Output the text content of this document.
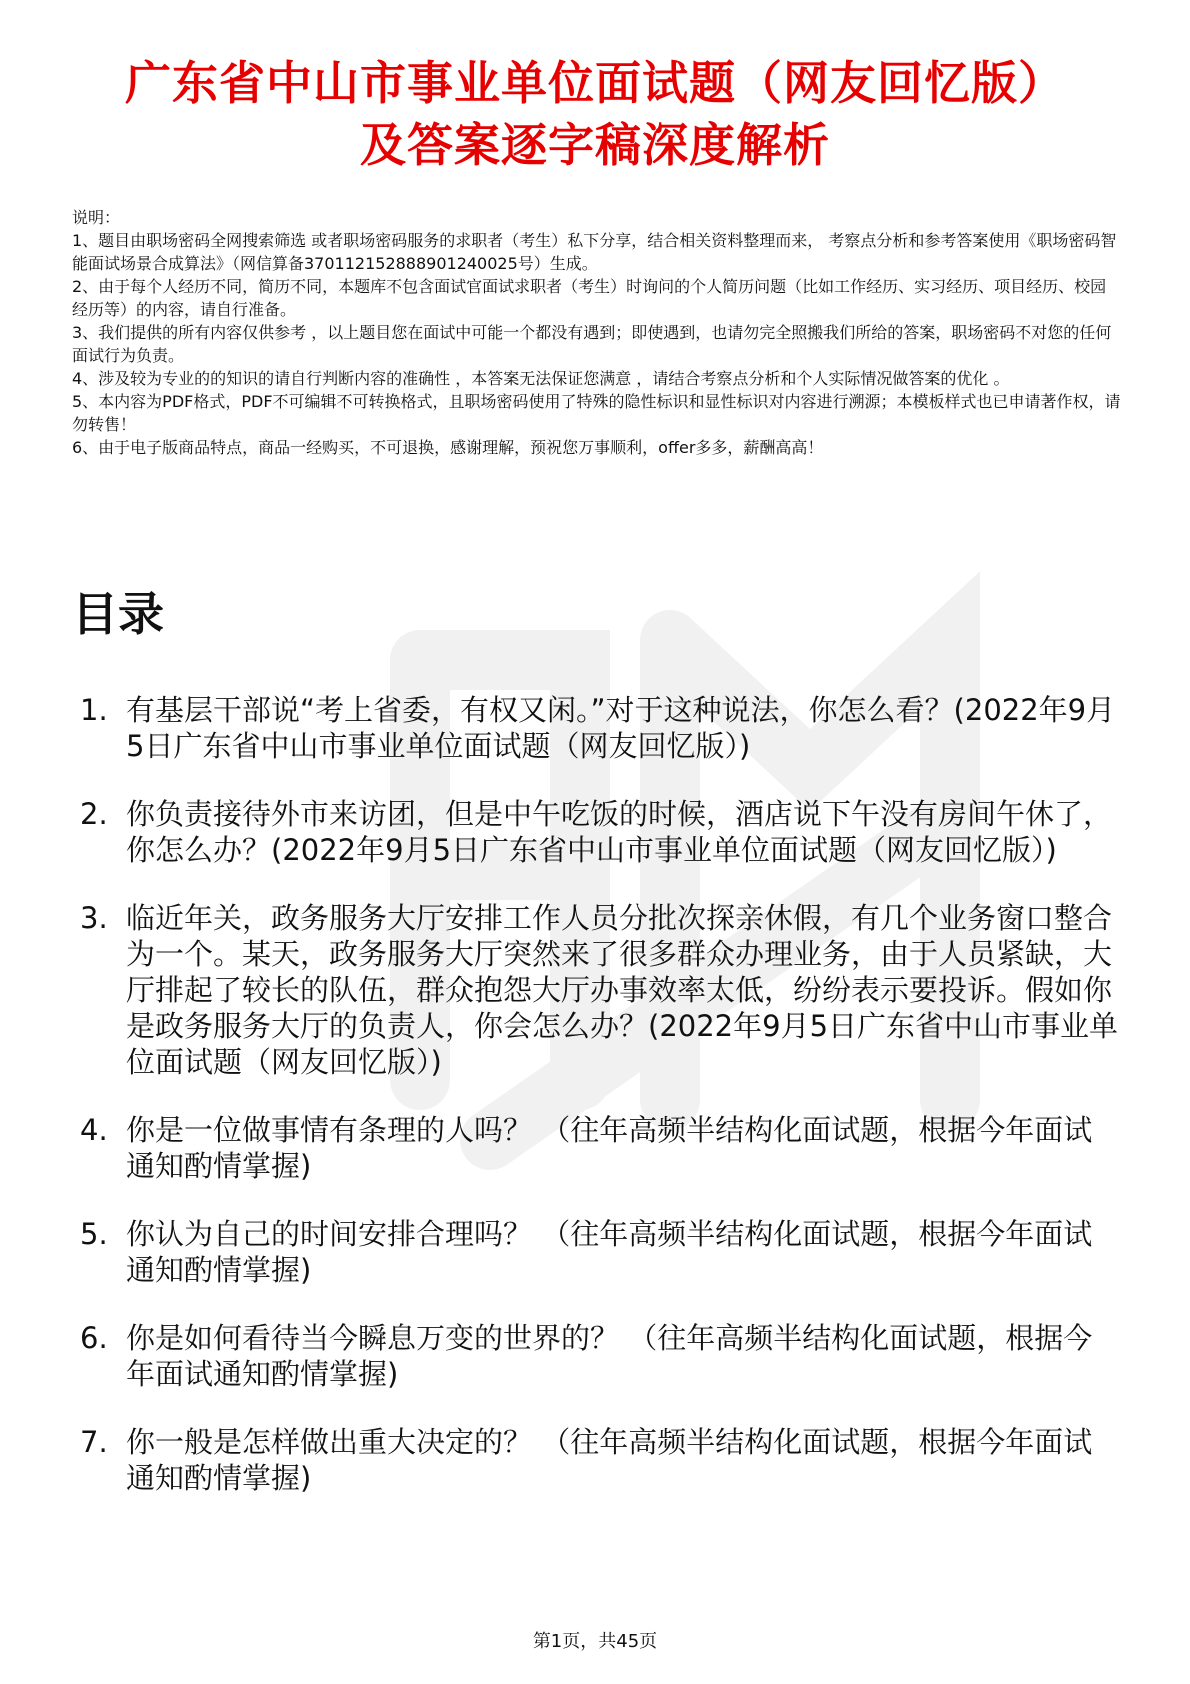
广东省中山市事业单位面试题（网友回忆版）
及答案逐字稿深度解析
说明：
1、题目由职场密码全网搜索筛选 或者职场密码服务的求职者（考生）私下分享，结合相关资料整理而来， 考察点分析和参考答案使用《职场密码智能面试场景合成算法》（网信算备370112152888901240025号）生成。
2、由于每个人经历不同，简历不同，本题库不包含面试官面试求职者（考生）时询问的个人简历问题（比如工作经历、实习经历、项目经历、校园经历等）的内容，请自行准备。
3、我们提供的所有内容仅供参考 ，以上题目您在面试中可能一个都没有遇到；即使遇到，也请勿完全照搬我们所给的答案，职场密码不对您的任何面试行为负责。
4、涉及较为专业的的知识的请自行判断内容的准确性 ，本答案无法保证您满意 ，请结合考察点分析和个人实际情况做答案的优化 。
5、本内容为PDF格式，PDF不可编辑不可转换格式，且职场密码使用了特殊的隐性标识和显性标识对内容进行溯源；本模板样式也已申请著作权，请勿转售！
6、由于电子版商品特点，商品一经购买，不可退换，感谢理解，预祝您万事顺利，offer多多，薪酬高高！
目录
1. 有基层干部说“考上省委，有权又闲。”对于这种说法，你怎么看？(2022年9月5日广东省中山市事业单位面试题（网友回忆版）)
2. 你负责接待外市来访团，但是中午吃饭的时候，酒店说下午没有房间午休了，你怎么办？(2022年9月5日广东省中山市事业单位面试题（网友回忆版）)
3. 临近年关，政务服务大厅安排工作人员分批次探亲休假，有几个业务窗口整合为一个。某天，政务服务大厅突然来了很多群众办理业务，由于人员紧缺，大厅排起了较长的队伍，群众抱怨大厅办事效率太低，纷纷表示要投诉。假如你是政务服务大厅的负责人，你会怎么办？(2022年9月5日广东省中山市事业单位面试题（网友回忆版）)
4. 你是一位做事情有条理的人吗？ （往年高频半结构化面试题，根据今年面试通知酌情掌握)
5. 你认为自己的时间安排合理吗？ （往年高频半结构化面试题，根据今年面试通知酌情掌握)
6. 你是如何看待当今瞬息万变的世界的？ （往年高频半结构化面试题，根据今年面试通知酌情掌握)
7. 你一般是怎样做出重大决定的？ （往年高频半结构化面试题，根据今年面试通知酌情掌握)
第1页，共45页
